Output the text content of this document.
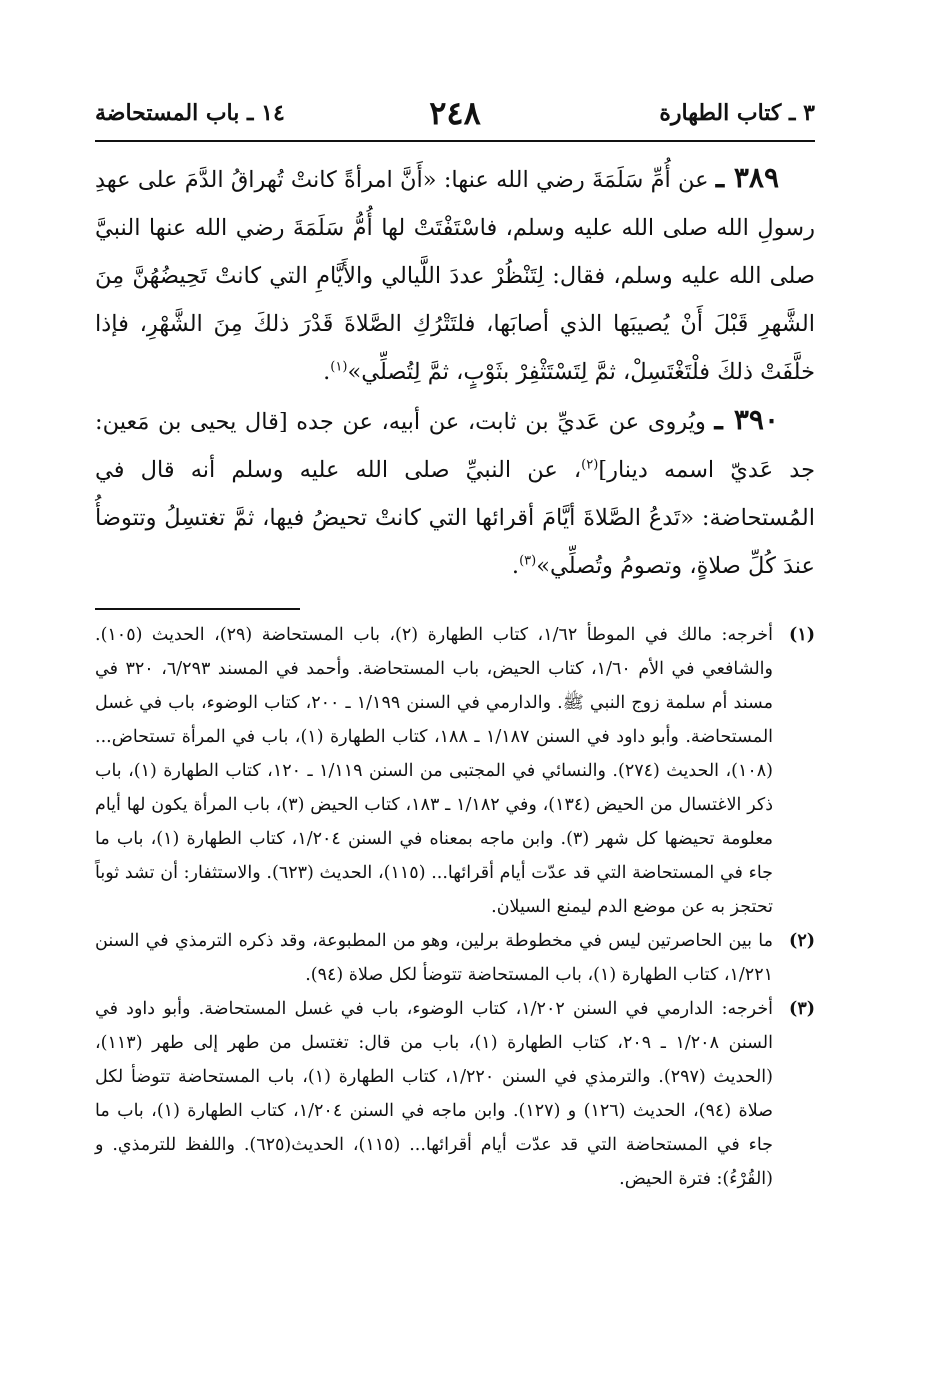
٣ ـ كتاب الطهارة
٢٤٨
١٤ ـ باب المستحاضة

٣٨٩ ـ عن أُمِّ سَلَمَةَ رضي الله عنها: «أَنَّ امرأةً كانتْ تُهراقُ الدَّمَ على عهدِ رسولِ الله صلى الله عليه وسلم، فاسْتَفْتَتْ لها أُمُّ سَلَمَةَ رضي الله عنها النبيَّ صلى الله عليه وسلم، فقال: لِتَنْظُرْ عددَ اللَّيالي والأَيَّامِ التي كانتْ تَحِيضُهُنَّ مِنَ الشَّهرِ قَبْلَ أَنْ يُصيبَها الذي أصابَها، فلتَتْرُكِ الصَّلاةَ قَدْرَ ذلكَ مِنَ الشَّهْرِ، فإذا خلَّفَتْ ذلكَ فلْتَغْتَسِلْ، ثمَّ لِتَسْتَثْفِرْ بثَوْبٍ، ثمَّ لِتُصلِّي»$^{(١)}$.

٣٩٠ ـ ويُروى عن عَديِّ بن ثابت، عن أبيه، عن جده [قال يحيى بن مَعين: جد عَديّ اسمه دينار]$^{(٢)}$، عن النبيِّ صلى الله عليه وسلم أنه قال في المُستحاضة: «تَدعُ الصَّلاةَ أيَّامَ أقرائها التي كانتْ تحيضُ فيها، ثمَّ تغتسِلُ وتتوضأُ عندَ كُلِّ صلاةٍ، وتصومُ وتُصلِّي»$^{(٣)}$.

(١)
أخرجه: مالك في الموطأ ١/٦٢، كتاب الطهارة (٢)، باب المستحاضة (٢٩)، الحديث (١٠٥). والشافعي في الأم ١/٦٠، كتاب الحيض، باب المستحاضة. وأحمد في المسند ٦/٢٩٣، ٣٢٠ في مسند أم سلمة زوج النبي ﷺ. والدارمي في السنن ١/١٩٩ ـ ٢٠٠، كتاب الوضوء، باب في غسل المستحاضة. وأبو داود في السنن ١/١٨٧ ـ ١٨٨، كتاب الطهارة (١)، باب في المرأة تستحاض... (١٠٨)، الحديث (٢٧٤). والنسائي في المجتبى من السنن ١/١١٩ ـ ١٢٠، كتاب الطهارة (١)، باب ذكر الاغتسال من الحيض (١٣٤)، وفي ١/١٨٢ ـ ١٨٣، كتاب الحيض (٣)، باب المرأة يكون لها أيام معلومة تحيضها كل شهر (٣). وابن ماجه بمعناه في السنن ١/٢٠٤، كتاب الطهارة (١)، باب ما جاء في المستحاضة التي قد عدّت أيام أقرائها... (١١٥)، الحديث (٦٢٣). والاستثفار: أن تشد ثوباً تحتجز به عن موضع الدم ليمنع السيلان.
(٢)
ما بين الحاصرتين ليس في مخطوطة برلين، وهو من المطبوعة، وقد ذكره الترمذي في السنن ١/٢٢١، كتاب الطهارة (١)، باب المستحاضة تتوضأ لكل صلاة (٩٤).
(٣)
أخرجه: الدارمي في السنن ١/٢٠٢، كتاب الوضوء، باب في غسل المستحاضة. وأبو داود في السنن ١/٢٠٨ ـ ٢٠٩، كتاب الطهارة (١)، باب من قال: تغتسل من طهر إلى طهر (١١٣)، (الحديث (٢٩٧). والترمذي في السنن ١/٢٢٠، كتاب الطهارة (١)، باب المستحاضة تتوضأ لكل صلاة (٩٤)، الحديث (١٢٦) و (١٢٧). وابن ماجه في السنن ١/٢٠٤، كتاب الطهارة (١)، باب ما جاء في المستحاضة التي قد عدّت أيام أقرائها... (١١٥)، الحديث(٦٢٥). واللفظ للترمذي. و (القُرْءُ): فترة الحيض.
